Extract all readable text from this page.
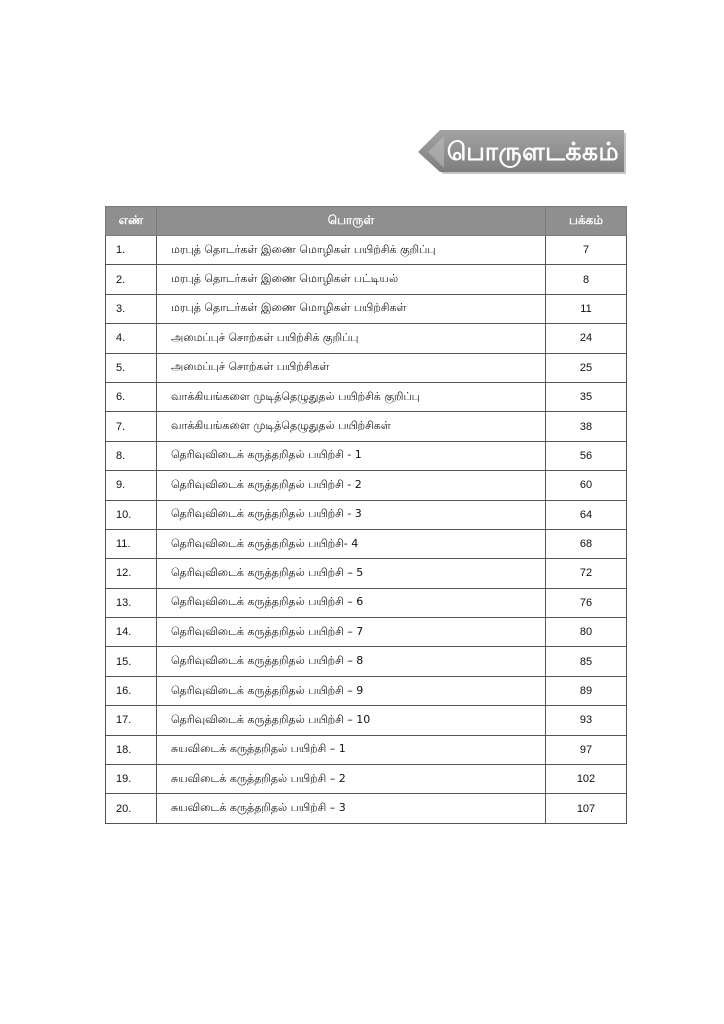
பொருளடக்கம்
எண்	பொருள்	பக்கம்
1.	மரபுத் தொடர்கள் இணை மொழிகள் பயிற்சிக் குறிப்பு	7
2.	மரபுத் தொடர்கள் இணை மொழிகள் பட்டியல்	8
3.	மரபுத் தொடர்கள் இணை மொழிகள் பயிற்சிகள்	11
4.	அமைப்புச் சொற்கள் பயிற்சிக் குறிப்பு	24
5.	அமைப்புச் சொற்கள் பயிற்சிகள்	25
6.	வாக்கியங்களை முடித்தெழுதுதல் பயிற்சிக் குறிப்பு	35
7.	வாக்கியங்களை முடித்தெழுதுதல் பயிற்சிகள்	38
8.	தெரிவுவிடைக் கருத்தறிதல் பயிற்சி - 1	56
9.	தெரிவுவிடைக் கருத்தறிதல் பயிற்சி - 2	60
10.	தெரிவுவிடைக் கருத்தறிதல் பயிற்சி - 3	64
11.	தெரிவுவிடைக் கருத்தறிதல் பயிற்சி- 4	68
12.	தெரிவுவிடைக் கருத்தறிதல் பயிற்சி – 5	72
13.	தெரிவுவிடைக் கருத்தறிதல் பயிற்சி – 6	76
14.	தெரிவுவிடைக் கருத்தறிதல் பயிற்சி – 7	80
15.	தெரிவுவிடைக் கருத்தறிதல் பயிற்சி – 8	85
16.	தெரிவுவிடைக் கருத்தறிதல் பயிற்சி – 9	89
17.	தெரிவுவிடைக் கருத்தறிதல் பயிற்சி – 10	93
18.	சுயவிடைக் கருத்தறிதல் பயிற்சி – 1	97
19.	சுயவிடைக் கருத்தறிதல் பயிற்சி – 2	102
20.	சுயவிடைக் கருத்தறிதல் பயிற்சி – 3	107
